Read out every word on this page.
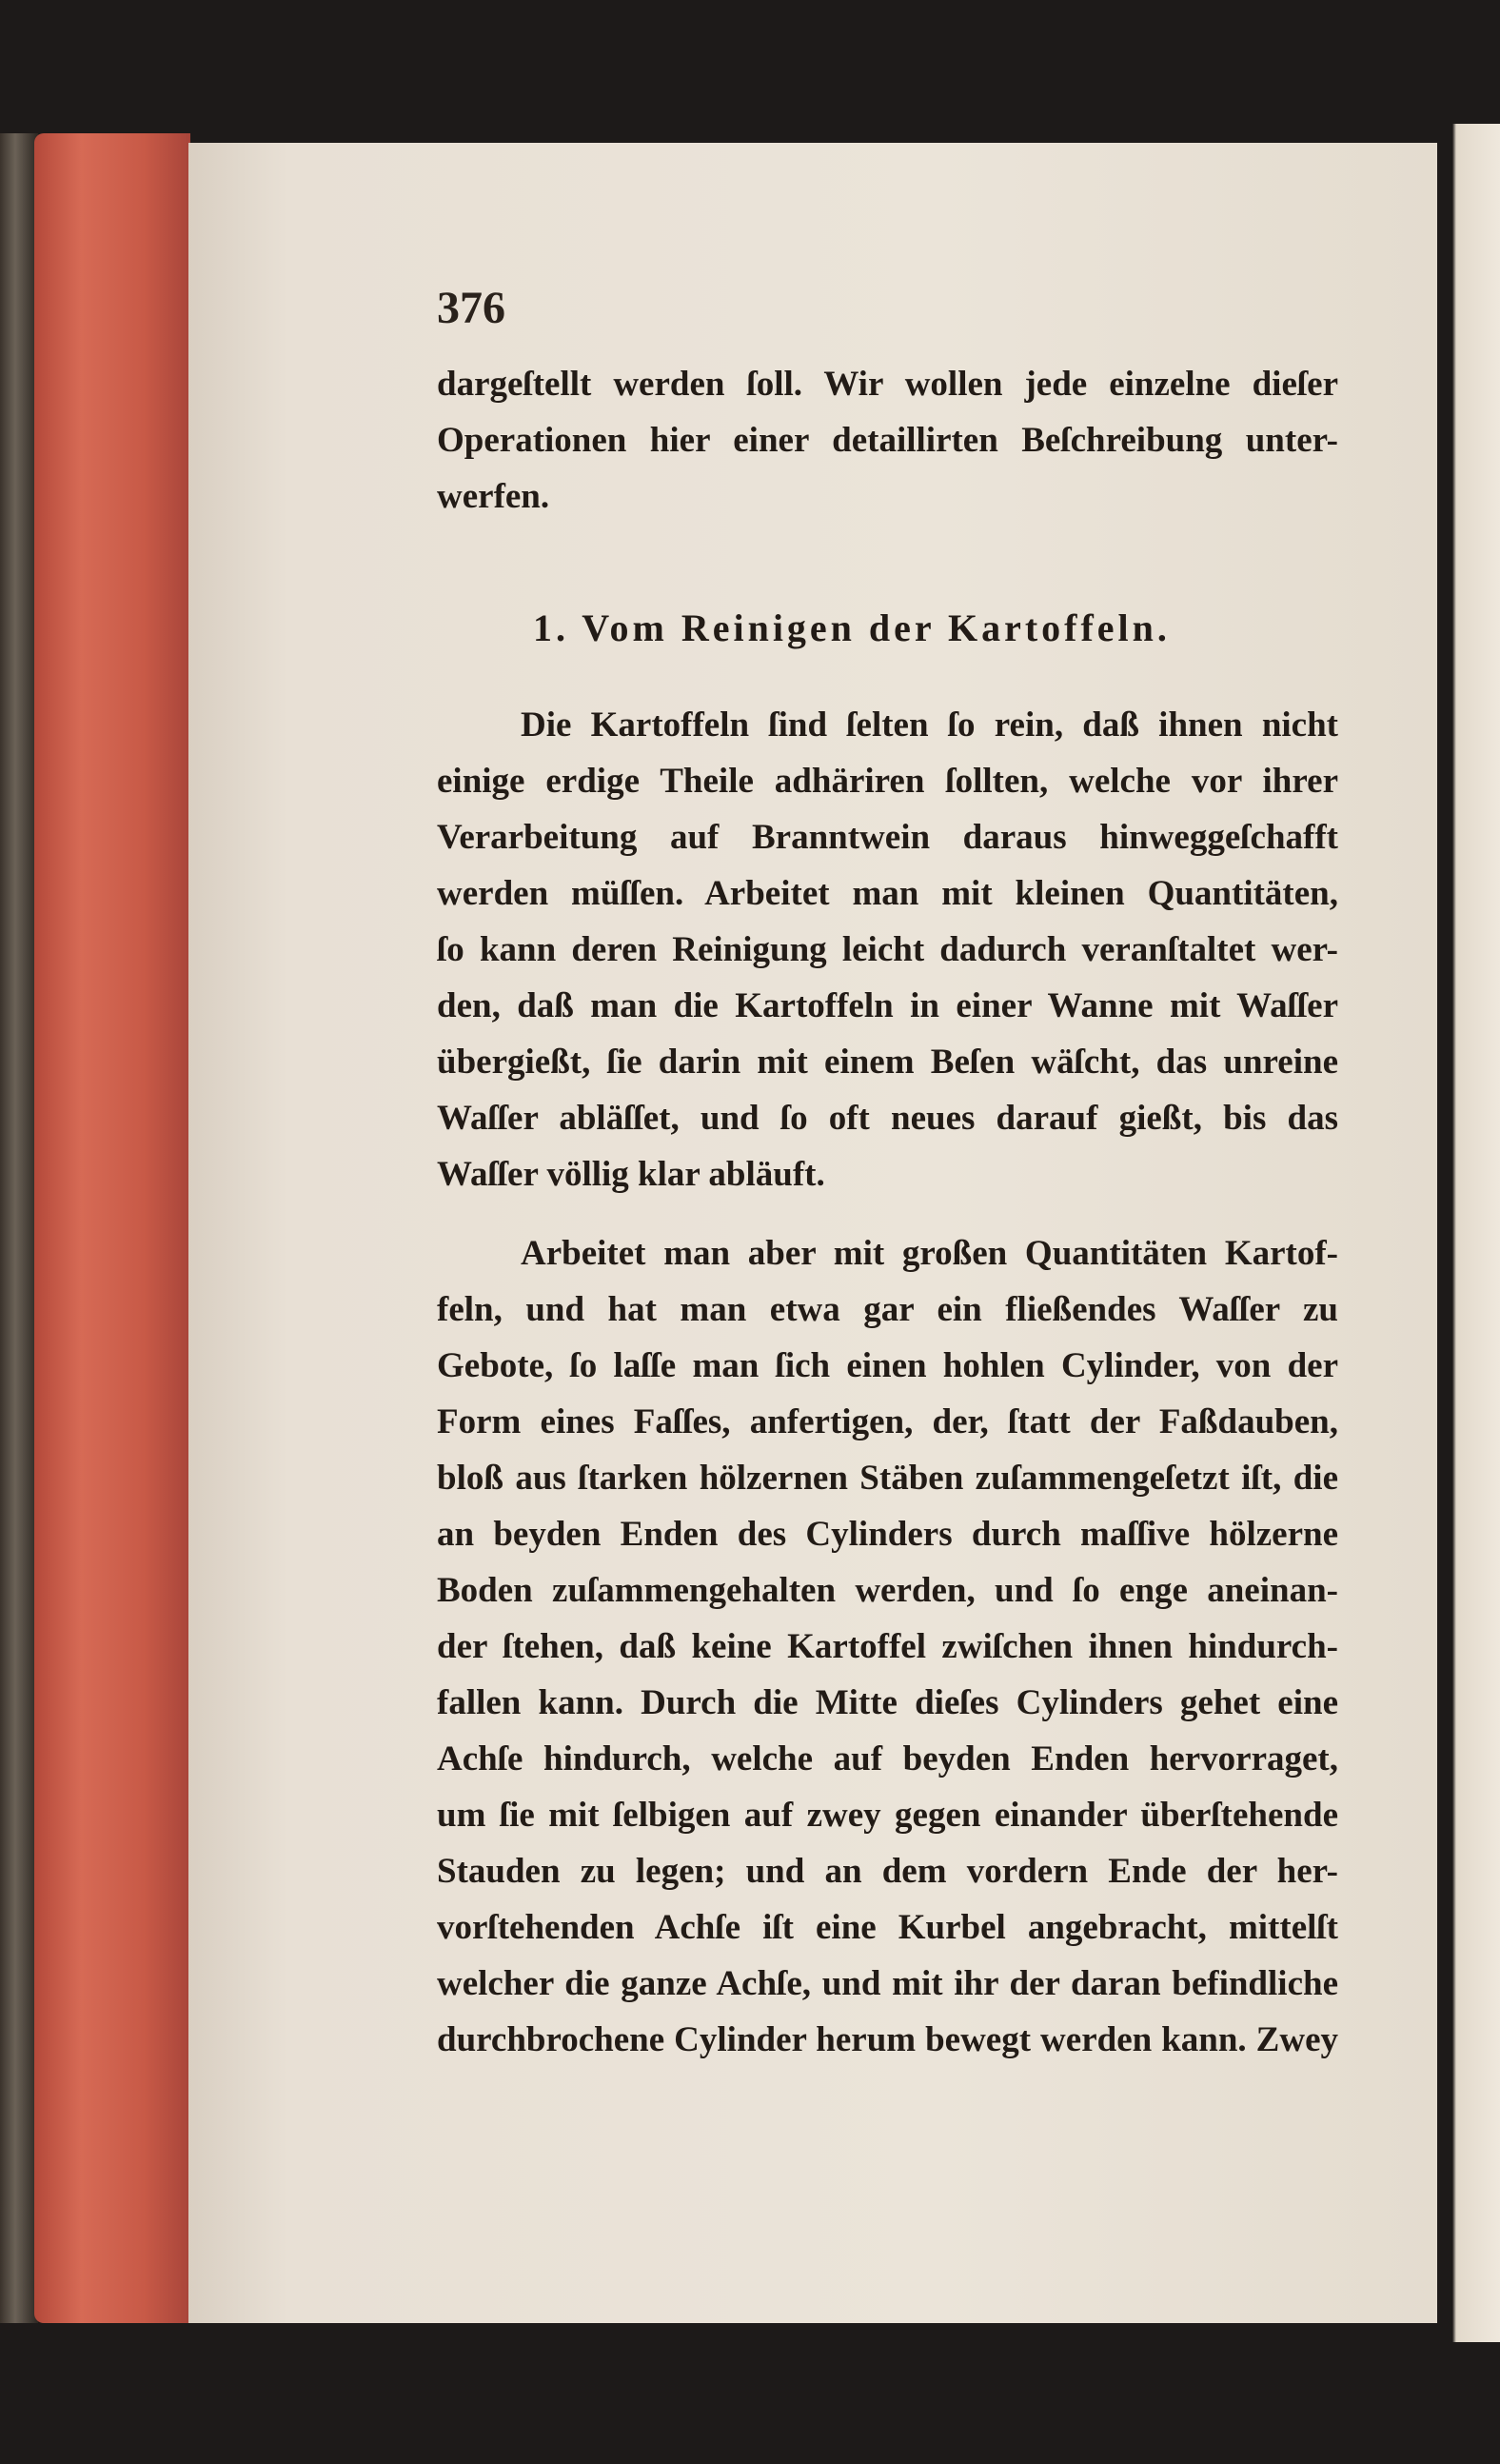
376
dargeſtellt werden ſoll. Wir wollen jede einzelne dieſer
Operationen hier einer detaillirten Beſchreibung unter-
werfen.
1. Vom Reinigen der Kartoffeln.
Die Kartoffeln ſind ſelten ſo rein, daß ihnen nicht
einige erdige Theile adhäriren ſollten, welche vor ihrer
Verarbeitung auf Branntwein daraus hinweggeſchafft
werden müſſen. Arbeitet man mit kleinen Quantitäten,
ſo kann deren Reinigung leicht dadurch veranſtaltet wer-
den, daß man die Kartoffeln in einer Wanne mit Waſſer
übergießt, ſie darin mit einem Beſen wäſcht, das unreine
Waſſer abläſſet, und ſo oft neues darauf gießt, bis das
Waſſer völlig klar abläuft.
Arbeitet man aber mit großen Quantitäten Kartof-
feln, und hat man etwa gar ein fließendes Waſſer zu
Gebote, ſo laſſe man ſich einen hohlen Cylinder, von der
Form eines Faſſes, anfertigen, der, ſtatt der Faßdauben,
bloß aus ſtarken hölzernen Stäben zuſammengeſetzt iſt, die
an beyden Enden des Cylinders durch maſſive hölzerne
Boden zuſammengehalten werden, und ſo enge aneinan-
der ſtehen, daß keine Kartoffel zwiſchen ihnen hindurch-
fallen kann. Durch die Mitte dieſes Cylinders gehet eine
Achſe hindurch, welche auf beyden Enden hervorraget,
um ſie mit ſelbigen auf zwey gegen einander überſtehende
Stauden zu legen; und an dem vordern Ende der her-
vorſtehenden Achſe iſt eine Kurbel angebracht, mittelſt
welcher die ganze Achſe, und mit ihr der daran befindliche
durchbrochene Cylinder herum bewegt werden kann. Zwey
